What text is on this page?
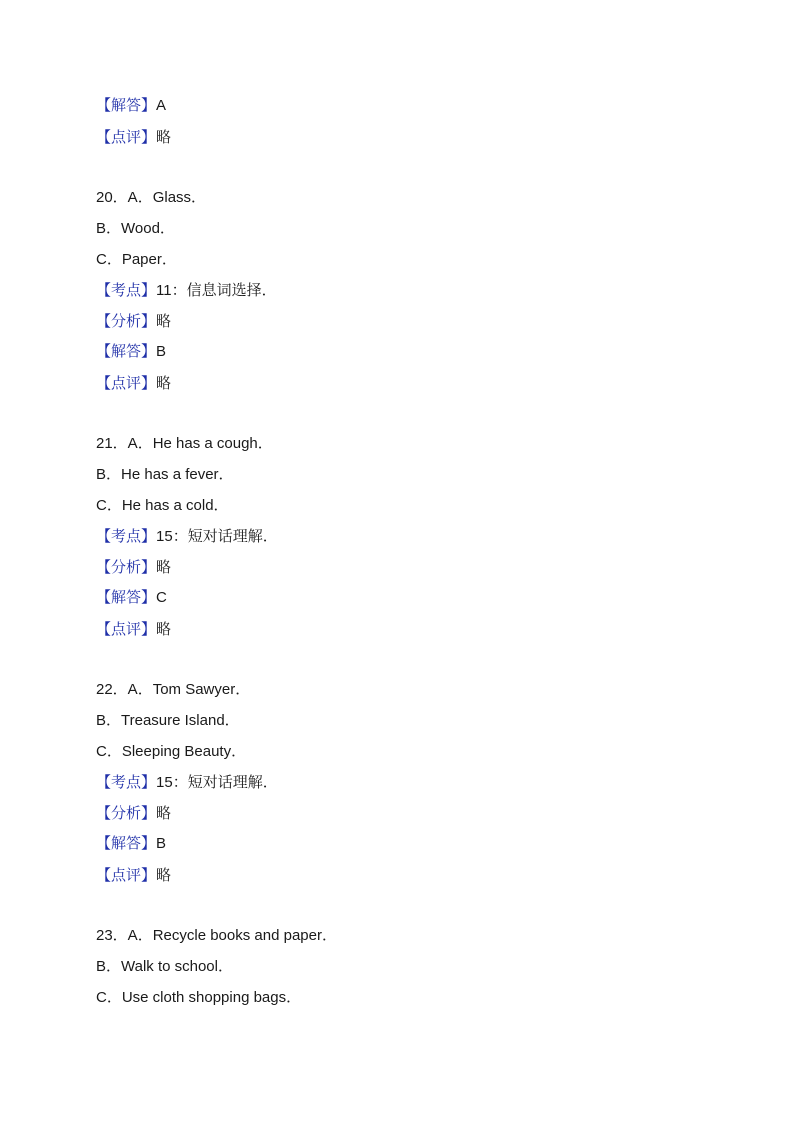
【解答】A
【点评】略
20．A．Glass．
B．Wood．
C．Paper．
【考点】11：信息词选择．
【分析】略
【解答】B
【点评】略
21．A．He has a cough．
B．He has a fever．
C．He has a cold．
【考点】15：短对话理解．
【分析】略
【解答】C
【点评】略
22．A．Tom Sawyer．
B．Treasure Island．
C．Sleeping Beauty．
【考点】15：短对话理解．
【分析】略
【解答】B
【点评】略
23．A．Recycle books and paper．
B．Walk to school．
C．Use cloth shopping bags．
